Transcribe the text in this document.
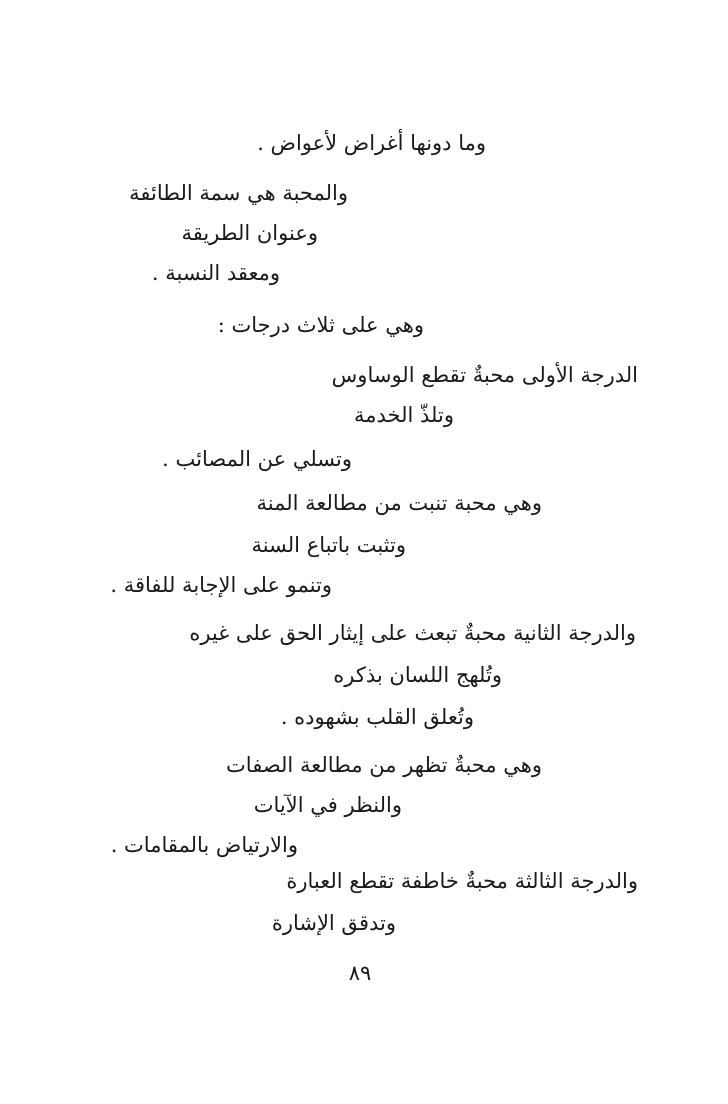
وما دونها أغراض لأعواض .
والمحبة هي سمة الطائفة
وعنوان الطريقة
ومعقد النسبة .
وهي على ثلاث درجات :
الدرجة الأولى محبةٌ تقطع الوساوس
وتلذّ الخدمة
وتسلي عن المصائب .
وهي محبة تنبت من مطالعة المنة
وتثبت باتباع السنة
وتنمو على الإجابة للفاقة .
والدرجة الثانية محبةٌ تبعث على إيثار الحق على غيره
وتُلهج اللسان بذكره
وتُعلق القلب بشهوده .
وهي محبةٌ تظهر من مطالعة الصفات
والنظر في الآيات
والارتياض بالمقامات .
والدرجة الثالثة محبةٌ خاطفة تقطع العبارة
وتدقق الإشارة
٨٩
